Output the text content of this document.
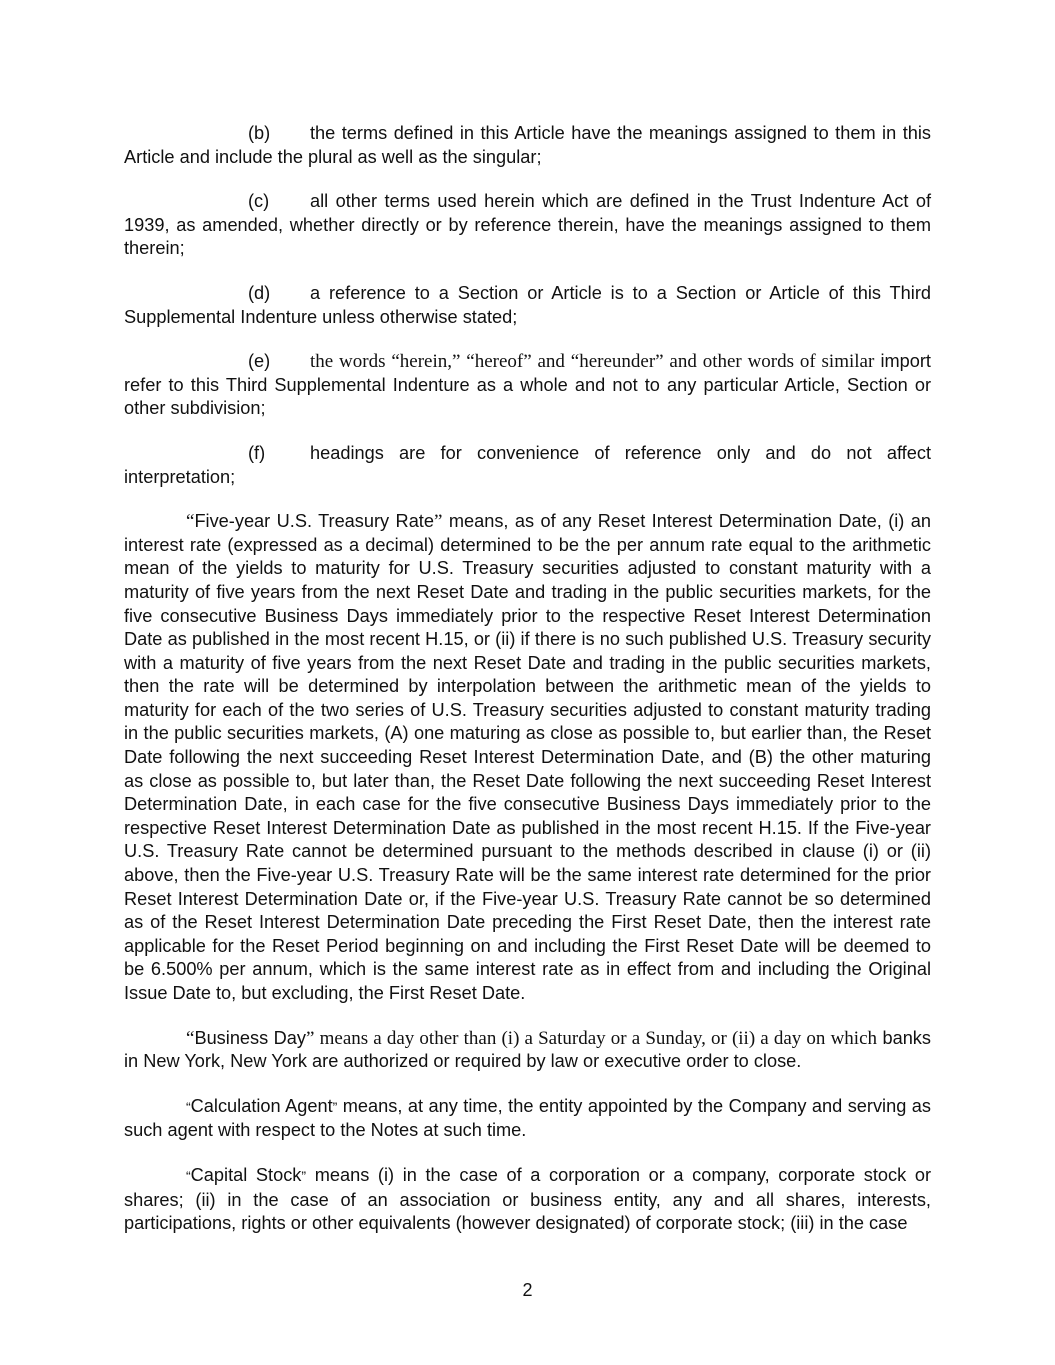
(b) the terms defined in this Article have the meanings assigned to them in this Article and include the plural as well as the singular;

(c) all other terms used herein which are defined in the Trust Indenture Act of 1939, as amended, whether directly or by reference therein, have the meanings assigned to them therein;

(d) a reference to a Section or Article is to a Section or Article of this Third Supplemental Indenture unless otherwise stated;

(e) the words “herein,” “hereof” and “hereunder” and other words of similar import refer to this Third Supplemental Indenture as a whole and not to any particular Article, Section or other subdivision;

(f) headings are for convenience of reference only and do not affect interpretation;

“Five-year U.S. Treasury Rate” means, as of any Reset Interest Determination Date, (i) an interest rate (expressed as a decimal) determined to be the per annum rate equal to the arithmetic mean of the yields to maturity for U.S. Treasury securities adjusted to constant maturity with a maturity of five years from the next Reset Date and trading in the public securities markets, for the five consecutive Business Days immediately prior to the respective Reset Interest Determination Date as published in the most recent H.15, or (ii) if there is no such published U.S. Treasury security with a maturity of five years from the next Reset Date and trading in the public securities markets, then the rate will be determined by interpolation between the arithmetic mean of the yields to maturity for each of the two series of U.S. Treasury securities adjusted to constant maturity trading in the public securities markets, (A) one maturing as close as possible to, but earlier than, the Reset Date following the next succeeding Reset Interest Determination Date, and (B) the other maturing as close as possible to, but later than, the Reset Date following the next succeeding Reset Interest Determination Date, in each case for the five consecutive Business Days immediately prior to the respective Reset Interest Determination Date as published in the most recent H.15. If the Five-year U.S. Treasury Rate cannot be determined pursuant to the methods described in clause (i) or (ii) above, then the Five-year U.S. Treasury Rate will be the same interest rate determined for the prior Reset Interest Determination Date or, if the Five-year U.S. Treasury Rate cannot be so determined as of the Reset Interest Determination Date preceding the First Reset Date, then the interest rate applicable for the Reset Period beginning on and including the First Reset Date will be deemed to be 6.500% per annum, which is the same interest rate as in effect from and including the Original Issue Date to, but excluding, the First Reset Date.

“Business Day” means a day other than (i) a Saturday or a Sunday, or (ii) a day on which banks in New York, New York are authorized or required by law or executive order to close.

“Calculation Agent” means, at any time, the entity appointed by the Company and serving as such agent with respect to the Notes at such time.

“Capital Stock” means (i) in the case of a corporation or a company, corporate stock or shares; (ii) in the case of an association or business entity, any and all shares, interests, participations, rights or other equivalents (however designated) of corporate stock; (iii) in the case

2
